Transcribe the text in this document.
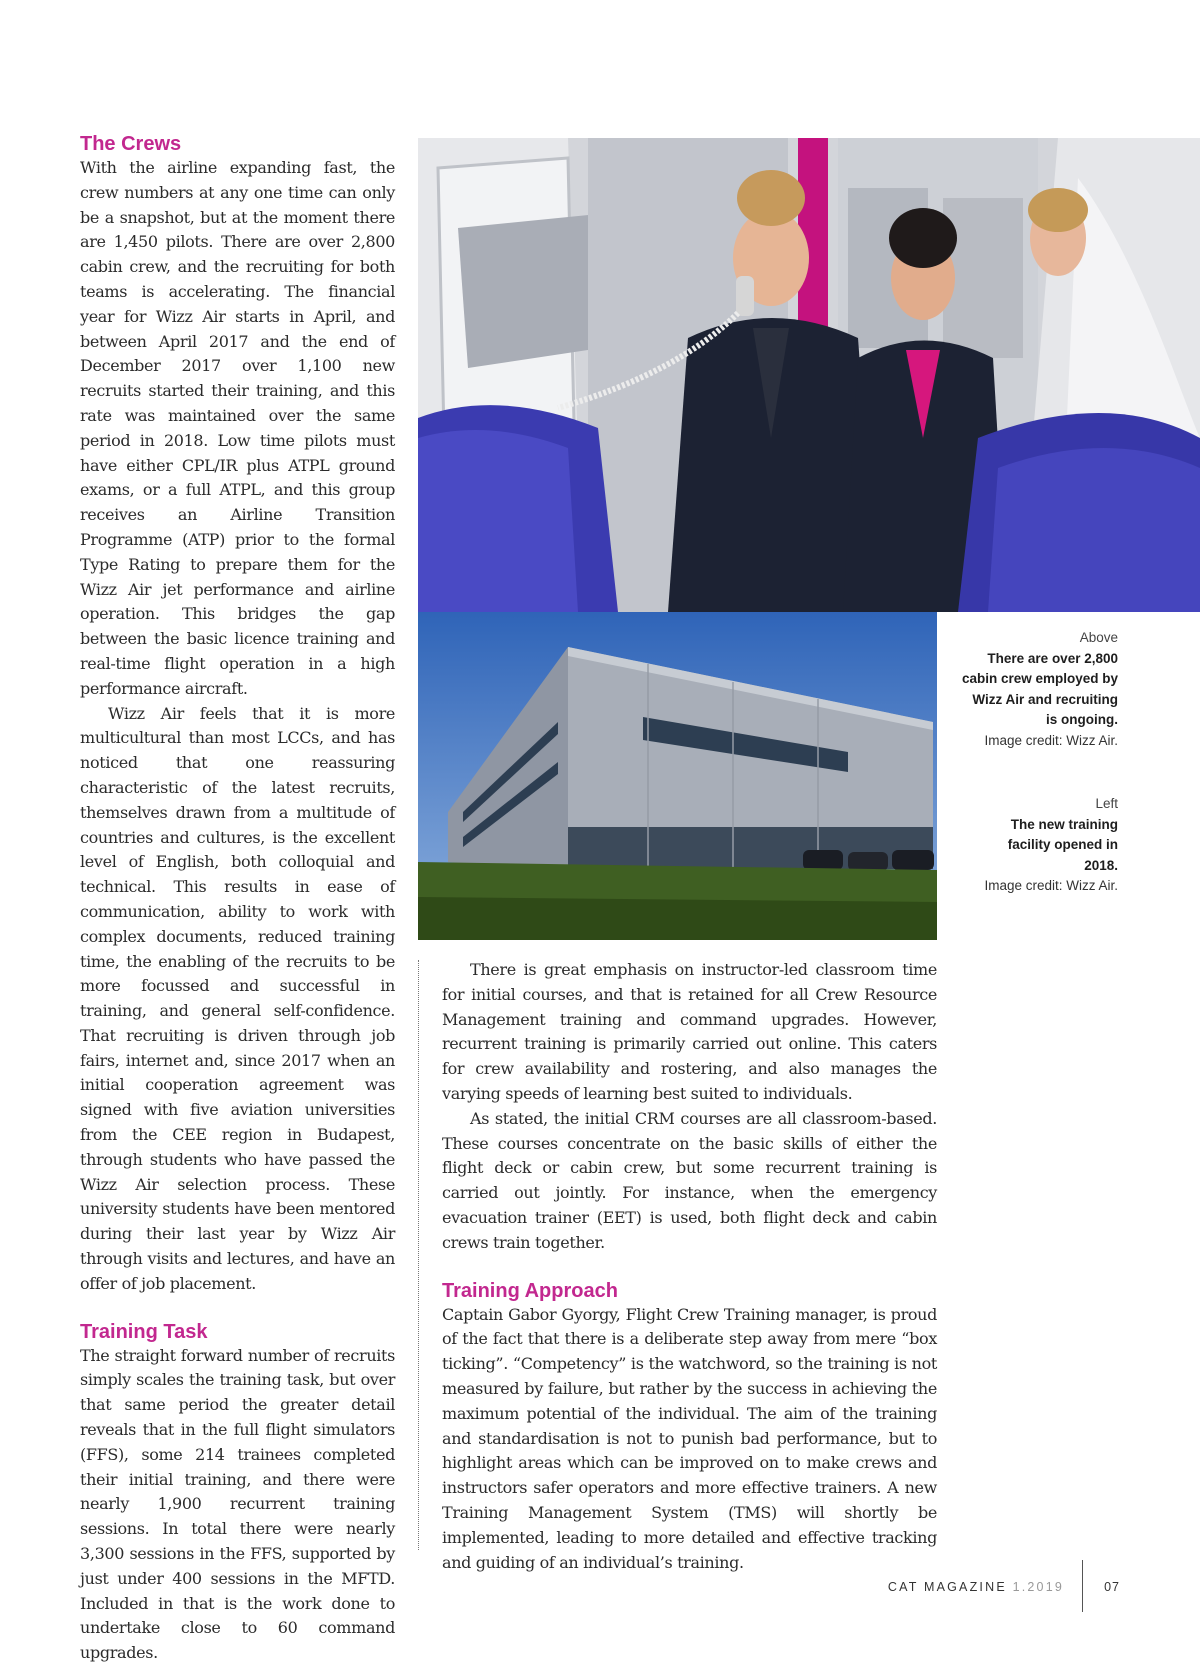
The Crews

With the airline expanding fast, the crew numbers at any one time can only be a snapshot, but at the moment there are 1,450 pilots. There are over 2,800 cabin crew, and the recruiting for both teams is accelerating. The financial year for Wizz Air starts in April, and between April 2017 and the end of December 2017 over 1,100 new recruits started their training, and this rate was maintained over the same period in 2018. Low time pilots must have either CPL/IR plus ATPL ground exams, or a full ATPL, and this group receives an Airline Transition Programme (ATP) prior to the formal Type Rating to prepare them for the Wizz Air jet performance and airline operation. This bridges the gap between the basic licence training and real-time flight operation in a high performance aircraft.

Wizz Air feels that it is more multicultural than most LCCs, and has noticed that one reassuring characteristic of the latest recruits, themselves drawn from a multitude of countries and cultures, is the excellent level of English, both colloquial and technical. This results in ease of communication, ability to work with complex documents, reduced training time, the enabling of the recruits to be more focussed and successful in training, and general self-confidence. That recruiting is driven through job fairs, internet and, since 2017 when an initial cooperation agreement was signed with five aviation universities from the CEE region in Budapest, through students who have passed the Wizz Air selection process. These university students have been mentored during their last year by Wizz Air through visits and lectures, and have an offer of job placement.

Training Task

The straight forward number of recruits simply scales the training task, but over that same period the greater detail reveals that in the full flight simulators (FFS), some 214 trainees completed their initial training, and there were nearly 1,900 recurrent training sessions. In total there were nearly 3,300 sessions in the FFS, supported by just under 400 sessions in the MFTD. Included in that is the work done to undertake close to 60 command upgrades.

Above
There are over 2,800 cabin crew employed by Wizz Air and recruiting is ongoing.
Image credit: Wizz Air.
Left
The new training facility opened in 2018.
Image credit: Wizz Air.

There is great emphasis on instructor-led classroom time for initial courses, and that is retained for all Crew Resource Management training and command upgrades. However, recurrent training is primarily carried out online. This caters for crew availability and rostering, and also manages the varying speeds of learning best suited to individuals.

As stated, the initial CRM courses are all classroom-based. These courses concentrate on the basic skills of either the flight deck or cabin crew, but some recurrent training is carried out jointly. For instance, when the emergency evacuation trainer (EET) is used, both flight deck and cabin crews train together.

Training Approach

Captain Gabor Gyorgy, Flight Crew Training manager, is proud of the fact that there is a deliberate step away from mere “box ticking”. “Competency” is the watchword, so the training is not measured by failure, but rather by the success in achieving the maximum potential of the individual. The aim of the training and standardisation is not to punish bad performance, but to highlight areas which can be improved on to make crews and instructors safer operators and more effective trainers. A new Training Management System (TMS) will shortly be implemented, leading to more detailed and effective tracking and guiding of an individual’s training.

CAT MAGAZINE 1.2019	07
